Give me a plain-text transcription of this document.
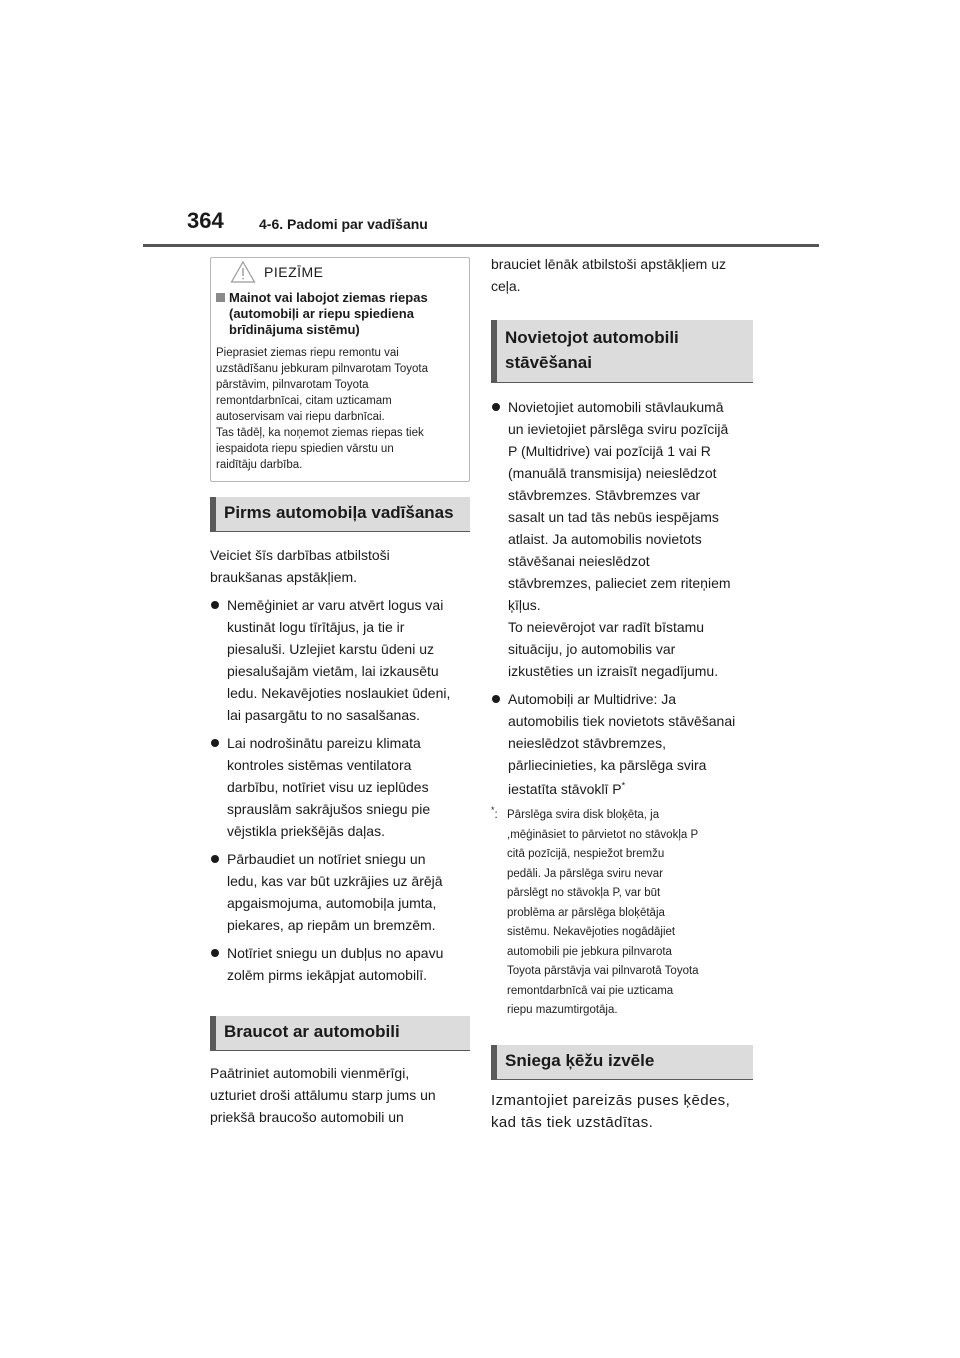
364	4-6. Padomi par vadīšanu
PIEZĪME
Mainot vai labojot ziemas riepas
(automobiļi ar riepu spiediena
brīdinājuma sistēmu)
Pieprasiet ziemas riepu remontu vai
uzstādīšanu jebkuram pilnvarotam Toyota
pārstāvim, pilnvarotam Toyota
remontdarbnīcai, citam uzticamam
autoservisam vai riepu darbnīcai.
Tas tādēļ, ka noņemot ziemas riepas tiek
iespaidota riepu spiedien vārstu un
raidītāju darbība.
Pirms automobiļa vadīšanas
Veiciet šīs darbības atbilstoši
braukšanas apstākļiem.
Nemēģiniet ar varu atvērt logus vai
kustināt logu tīrītājus, ja tie ir
piesaluši. Uzlejiet karstu ūdeni uz
piesalušajām vietām, lai izkausētu
ledu. Nekavējoties noslaukiet ūdeni,
lai pasargātu to no sasalšanas.
Lai nodrošinātu pareizu klimata
kontroles sistēmas ventilatora
darbību, notīriet visu uz ieplūdes
sprauslām sakrājušos sniegu pie
vējstikla priekšējās daļas.
Pārbaudiet un notīriet sniegu un
ledu, kas var būt uzkrājies uz ārējā
apgaismojuma, automobiļa jumta,
piekares, ap riepām un bremzēm.
Notīriet sniegu un dubļus no apavu
zolēm pirms iekāpjat automobilī.
Braucot ar automobili
Paātriniet automobili vienmērīgi,
uzturiet droši attālumu starp jums un
priekšā braucošo automobili un
brauciet lēnāk atbilstoši apstākļiem uz
ceļa.
Novietojot automobili
stāvēšanai
Novietojiet automobili stāvlaukumā
un ievietojiet pārslēga sviru pozīcijā
P (Multidrive) vai pozīcijā 1 vai R
(manuālā transmisija) neieslēdzot
stāvbremzes. Stāvbremzes var
sasalt un tad tās nebūs iespējams
atlaist. Ja automobilis novietots
stāvēšanai neieslēdzot
stāvbremzes, palieciet zem riteņiem
ķīļus.
To neievērojot var radīt bīstamu
situāciju, jo automobilis var
izkustēties un izraisīt negadījumu.
Automobiļi ar Multidrive: Ja
automobilis tiek novietots stāvēšanai
neieslēdzot stāvbremzes,
pārliecinieties, ka pārslēga svira
iestatīta stāvoklī P*
*: Pārslēga svira disk bloķēta, ja
,mēģināsiet to pārvietot no stāvokļa P
citā pozīcijā, nespiežot bremžu
pedāli. Ja pārslēga sviru nevar
pārslēgt no stāvokļa P, var būt
problēma ar pārslēga bloķētāja
sistēmu. Nekavējoties nogādājiet
automobili pie jebkura pilnvarota
Toyota pārstāvja vai pilnvarotā Toyota
remontdarbnīcā vai pie uzticama
riepu mazumtirgotāja.
Sniega ķēžu izvēle
Izmantojiet pareizās puses ķēdes,
kad tās tiek uzstādītas.
